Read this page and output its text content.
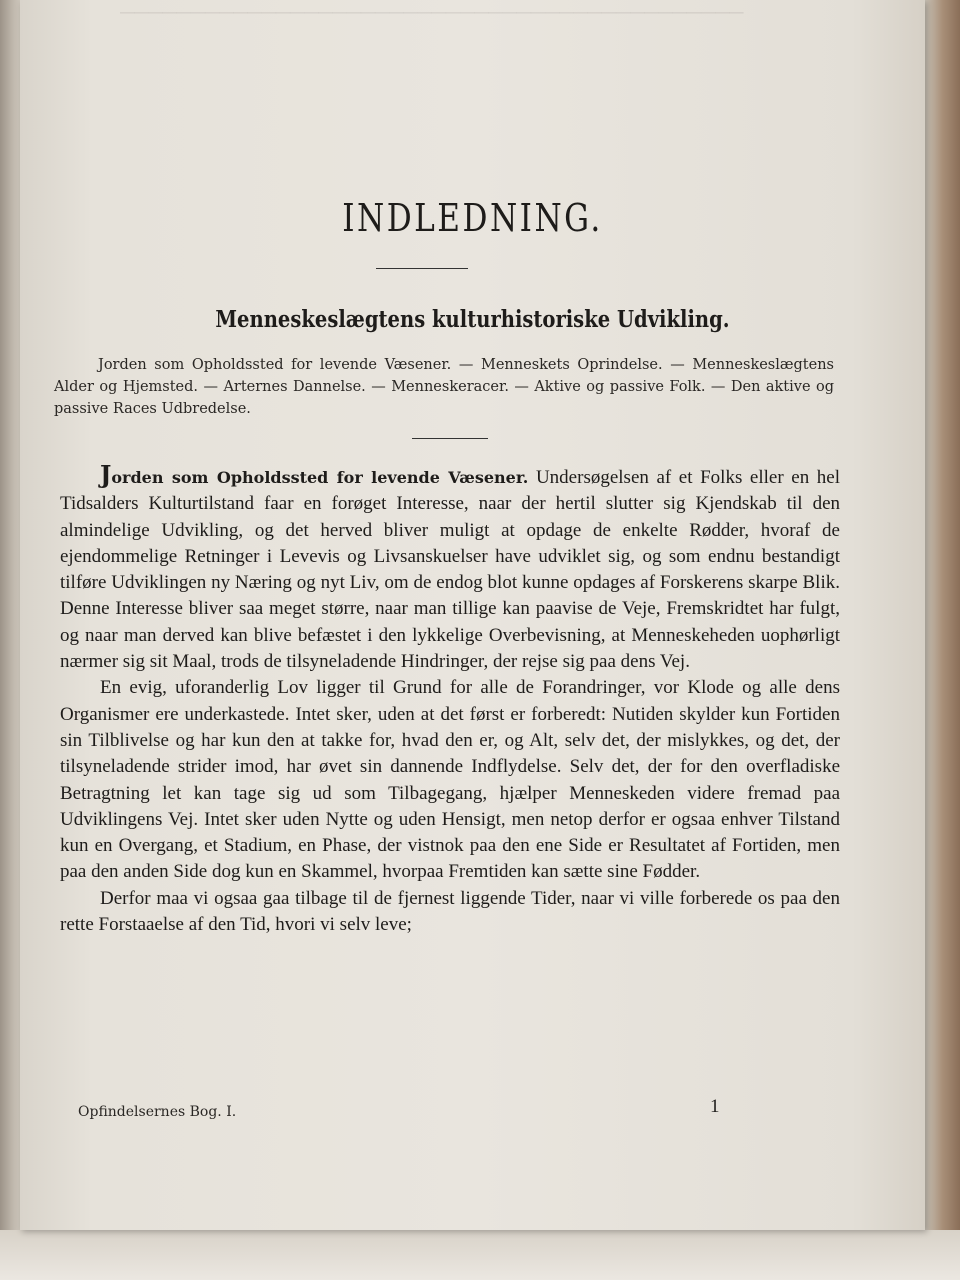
────────────────────────────────────────────
INDLEDNING.
Menneskeslægtens kulturhistoriske Udvikling.

Jorden som Opholdssted for levende Væsener. — Menneskets Oprindelse. — Menneskeslægtens Alder og Hjemsted. — Arternes Dannelse. — Menneskeracer. — Aktive og passive Folk. — Den aktive og passive Races Udbredelse.

Jorden som Opholdssted for levende Væsener. Undersøgelsen af et Folks eller en hel Tidsalders Kulturtilstand faar en forøget Interesse, naar der hertil slutter sig Kjendskab til den almindelige Udvikling, og det herved bliver muligt at opdage de enkelte Rødder, hvoraf de ejendommelige Retninger i Levevis og Livsanskuelser have udviklet sig, og som endnu bestandigt tilføre Udviklingen ny Næring og nyt Liv, om de endog blot kunne opdages af Forskerens skarpe Blik. Denne Interesse bliver saa meget større, naar man tillige kan paavise de Veje, Fremskridtet har fulgt, og naar man derved kan blive befæstet i den lykkelige Overbevisning, at Menneskeheden uophørligt nærmer sig sit Maal, trods de tilsyneladende Hindringer, der rejse sig paa dens Vej.

En evig, uforanderlig Lov ligger til Grund for alle de Forandringer, vor Klode og alle dens Organismer ere underkastede. Intet sker, uden at det først er forberedt: Nutiden skylder kun Fortiden sin Tilblivelse og har kun den at takke for, hvad den er, og Alt, selv det, der mislykkes, og det, der tilsyneladende strider imod, har øvet sin dannende Indflydelse. Selv det, der for den overfladiske Betragtning let kan tage sig ud som Tilbagegang, hjælper Menneskeden videre fremad paa Udviklingens Vej. Intet sker uden Nytte og uden Hensigt, men netop derfor er ogsaa enhver Tilstand kun en Overgang, et Stadium, en Phase, der vistnok paa den ene Side er Resultatet af Fortiden, men paa den anden Side dog kun en Skammel, hvorpaa Fremtiden kan sætte sine Fødder.

Derfor maa vi ogsaa gaa tilbage til de fjernest liggende Tider, naar vi ville forberede os paa den rette Forstaaelse af den Tid, hvori vi selv leve;

Opfindelsernes Bog. I.	1
